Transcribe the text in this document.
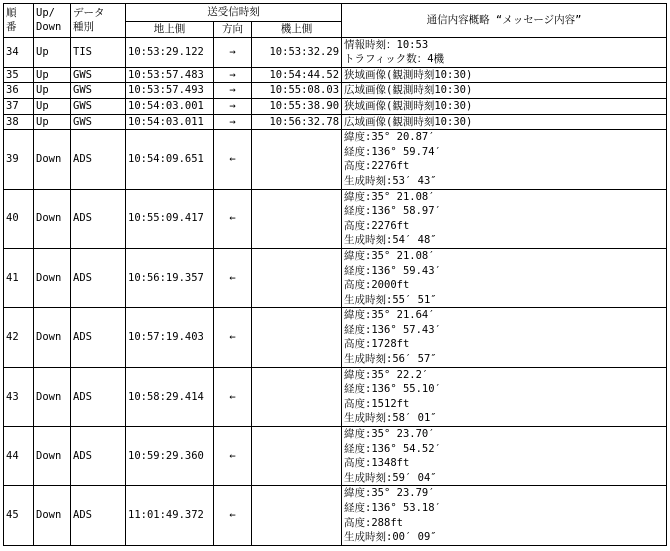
順
番	Up/
Down	データ
種別	送受信時刻			通信内容概略 “メッセージ内容”
			地上側	方向	機上側	
34	Up	TIS	10:53:29.122	→	10:53:32.29	情報時刻：10:53
トラフィック数：4機

35	Up	GWS	10:53:57.483	→	10:54:44.52	狭域画像(観測時刻10:30)

36	Up	GWS	10:53:57.493	→	10:55:08.03	広域画像(観測時刻10:30)

37	Up	GWS	10:54:03.001	→	10:55:38.90	狭域画像(観測時刻10:30)

38	Up	GWS	10:54:03.011	→	10:56:32.78	広域画像(観測時刻10:30)

39	Down	ADS	10:54:09.651	←		緯度:35° 20.87′
経度:136° 59.74′
高度:2276ft
生成時刻:53′ 43″

40	Down	ADS	10:55:09.417	←		緯度:35° 21.08′
経度:136° 58.97′
高度:2276ft
生成時刻:54′ 48″

41	Down	ADS	10:56:19.357	←		緯度:35° 21.08′
経度:136° 59.43′
高度:2000ft
生成時刻:55′ 51″

42	Down	ADS	10:57:19.403	←		緯度:35° 21.64′
経度:136° 57.43′
高度:1728ft
生成時刻:56′ 57″

43	Down	ADS	10:58:29.414	←		緯度:35° 22.2′
経度:136° 55.10′
高度:1512ft
生成時刻:58′ 01″

44	Down	ADS	10:59:29.360	←		緯度:35° 23.70′
経度:136° 54.52′
高度:1348ft
生成時刻:59′ 04″

45	Down	ADS	11:01:49.372	←		緯度:35° 23.79′
経度:136° 53.18′
高度:288ft
生成時刻:00′ 09″
